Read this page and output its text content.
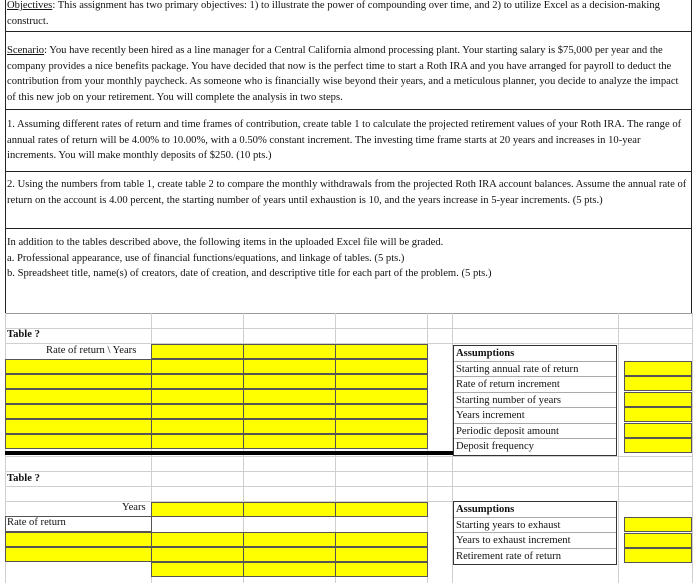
Objectives: This assignment has two primary objectives: 1) to illustrate the power of compounding over time, and 2) to utilize Excel as a decision-making construct.
Scenario: You have recently been hired as a line manager for a Central California almond processing plant. Your starting salary is $75,000 per year and the company provides a nice benefits package. You have decided that now is the perfect time to start a Roth IRA and you have arranged for payroll to deduct the contribution from your monthly paycheck. As someone who is financially wise beyond their years, and a meticulous planner, you decide to analyze the impact of this new job on your retirement. You will complete the analysis in two steps.
1. Assuming different rates of return and time frames of contribution, create table 1 to calculate the projected retirement values of your Roth IRA. The range of annual rates of return will be 4.00% to 10.00%, with a 0.50% constant increment. The investing time frame starts at 20 years and increases in 10-year increments. You will make monthly deposits of $250. (10 pts.)
2. Using the numbers from table 1, create table 2 to compare the monthly withdrawals from the projected Roth IRA account balances. Assume the annual rate of return on the account is 4.00 percent, the starting number of years until exhaustion is 10, and the years increase in 5-year increments. (5 pts.)
In addition to the tables described above, the following items in the uploaded Excel file will be graded.
a. Professional appearance, use of financial functions/equations, and linkage of tables. (5 pts.)
b. Spreadsheet title, name(s) of creators, date of creation, and descriptive title for each part of the problem. (5 pts.)
Table ?
Rate of return \ Years	Assumptions
Starting annual rate of return
Rate of return increment
Starting number of years
Years increment
Periodic deposit amount
Deposit frequency
Table ?
Years
Rate of return
Assumptions
Starting years to exhaust
Years to exhaust increment
Retirement rate of return
